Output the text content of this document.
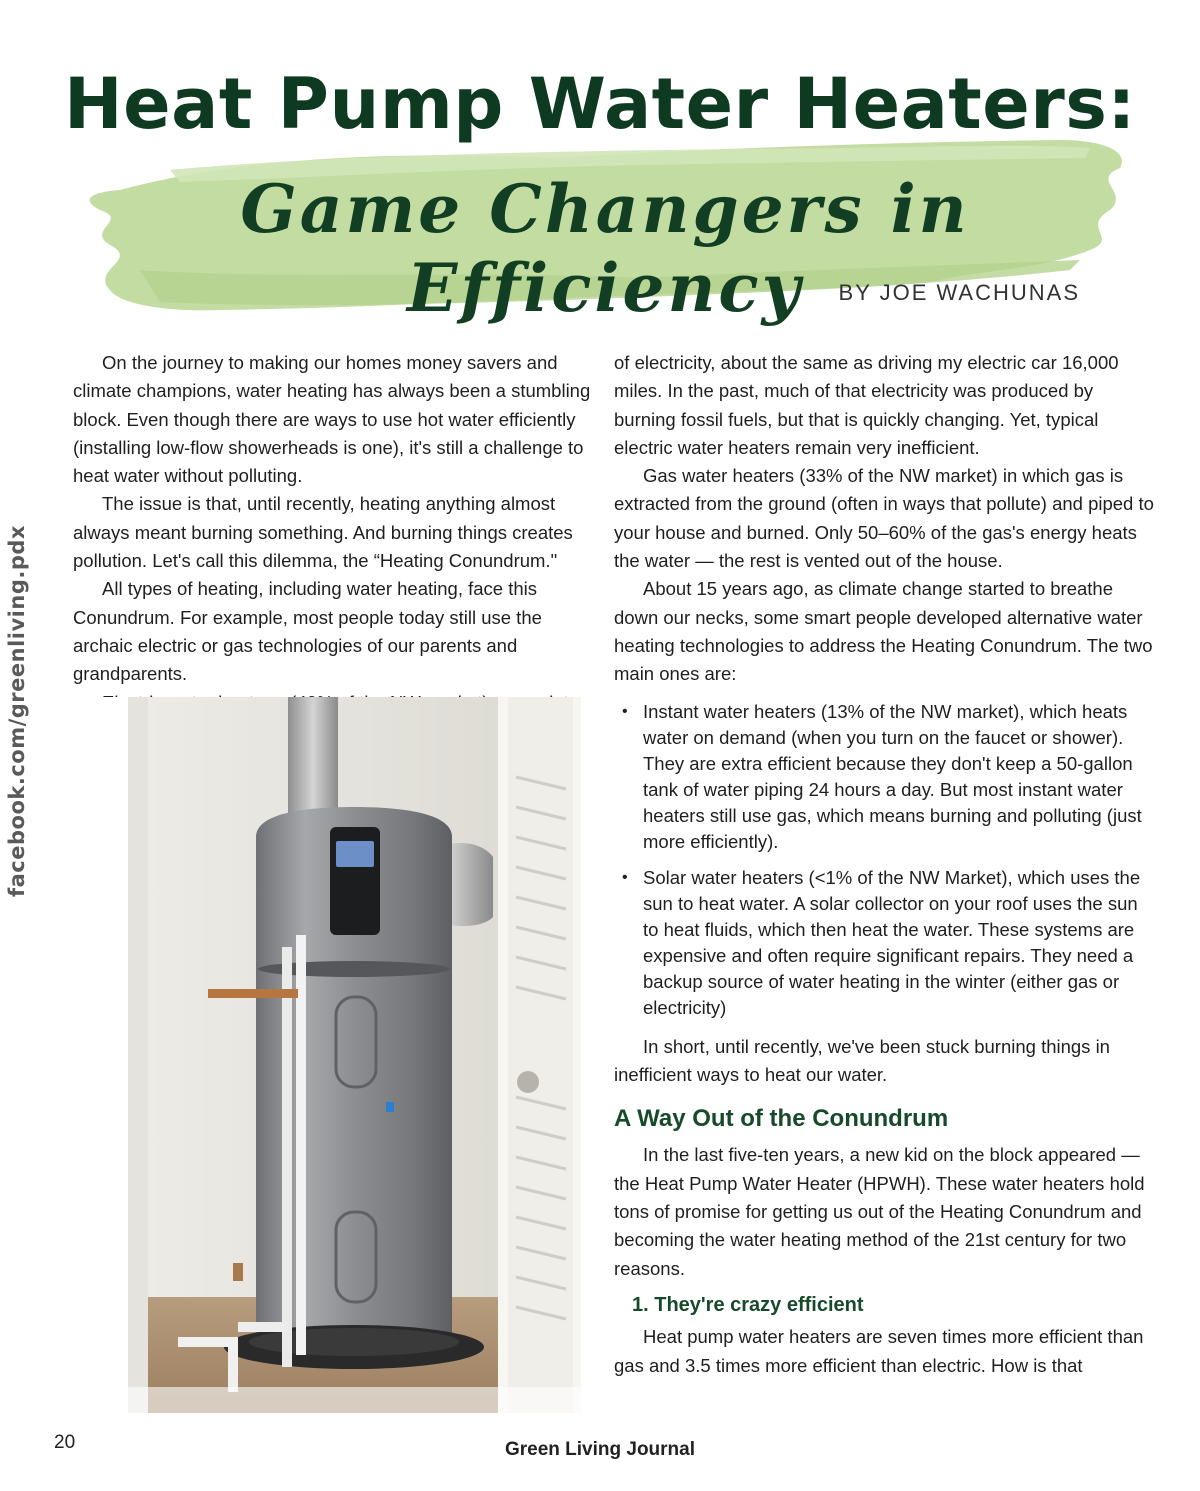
facebook.com/greenliving.pdx
Heat Pump Water Heaters:
Game Changers in Efficiency	BY JOE WACHUNAS

On the journey to making our homes money savers and climate champions, water heating has always been a stumbling block. Even though there are ways to use hot water efficiently (installing low-flow showerheads is one), it's still a challenge to heat water without polluting.

The issue is that, until recently, heating anything almost always meant burning something. And burning things creates pollution. Let's call this dilemma, the “Heating Conundrum."

All types of heating, including water heating, face this Conundrum. For example, most people today still use the archaic electric or gas technologies of our parents and grandparents.

of electricity, about the same as driving my electric car 16,000 miles. In the past, much of that electricity was produced by burning fossil fuels, but that is quickly changing. Yet, typical electric water heaters remain very inefficient.

Gas water heaters (33% of the NW market) in which gas is extracted from the ground (often in ways that pollute) and piped to your house and burned. Only 50–60% of the gas's energy heats the water — the rest is vented out of the house.

About 15 years ago, as climate change started to breathe down our necks, some smart people developed alternative water heating technologies to address the Heating Conundrum. The two main ones are:

• Instant water heaters (13% of the NW market), which heats water on demand (when you turn on the faucet or shower). They are extra efficient because they don't keep a 50-gallon tank of water piping 24 hours a day. But most instant water heaters still use gas, which means burning and polluting (just more efficiently).
• Solar water heaters (<1% of the NW Market), which uses the sun to heat water. A solar collector on your roof uses the sun to heat fluids, which then heat the water. These systems are expensive and often require significant repairs. They need a backup source of water heating in the winter (either gas or electricity)

In short, until recently, we've been stuck burning things in inefficient ways to heat our water.

A Way Out of the Conundrum

In the last five-ten years, a new kid on the block appeared — the Heat Pump Water Heater (HPWH). These water heaters hold tons of promise for getting us out of the Heating Conundrum and becoming the water heating method of the 21st century for two reasons.

1. They're crazy efficient

Heat pump water heaters are seven times more efficient than gas and 3.5 times more efficient than electric. How is that

20	Green Living Journal
